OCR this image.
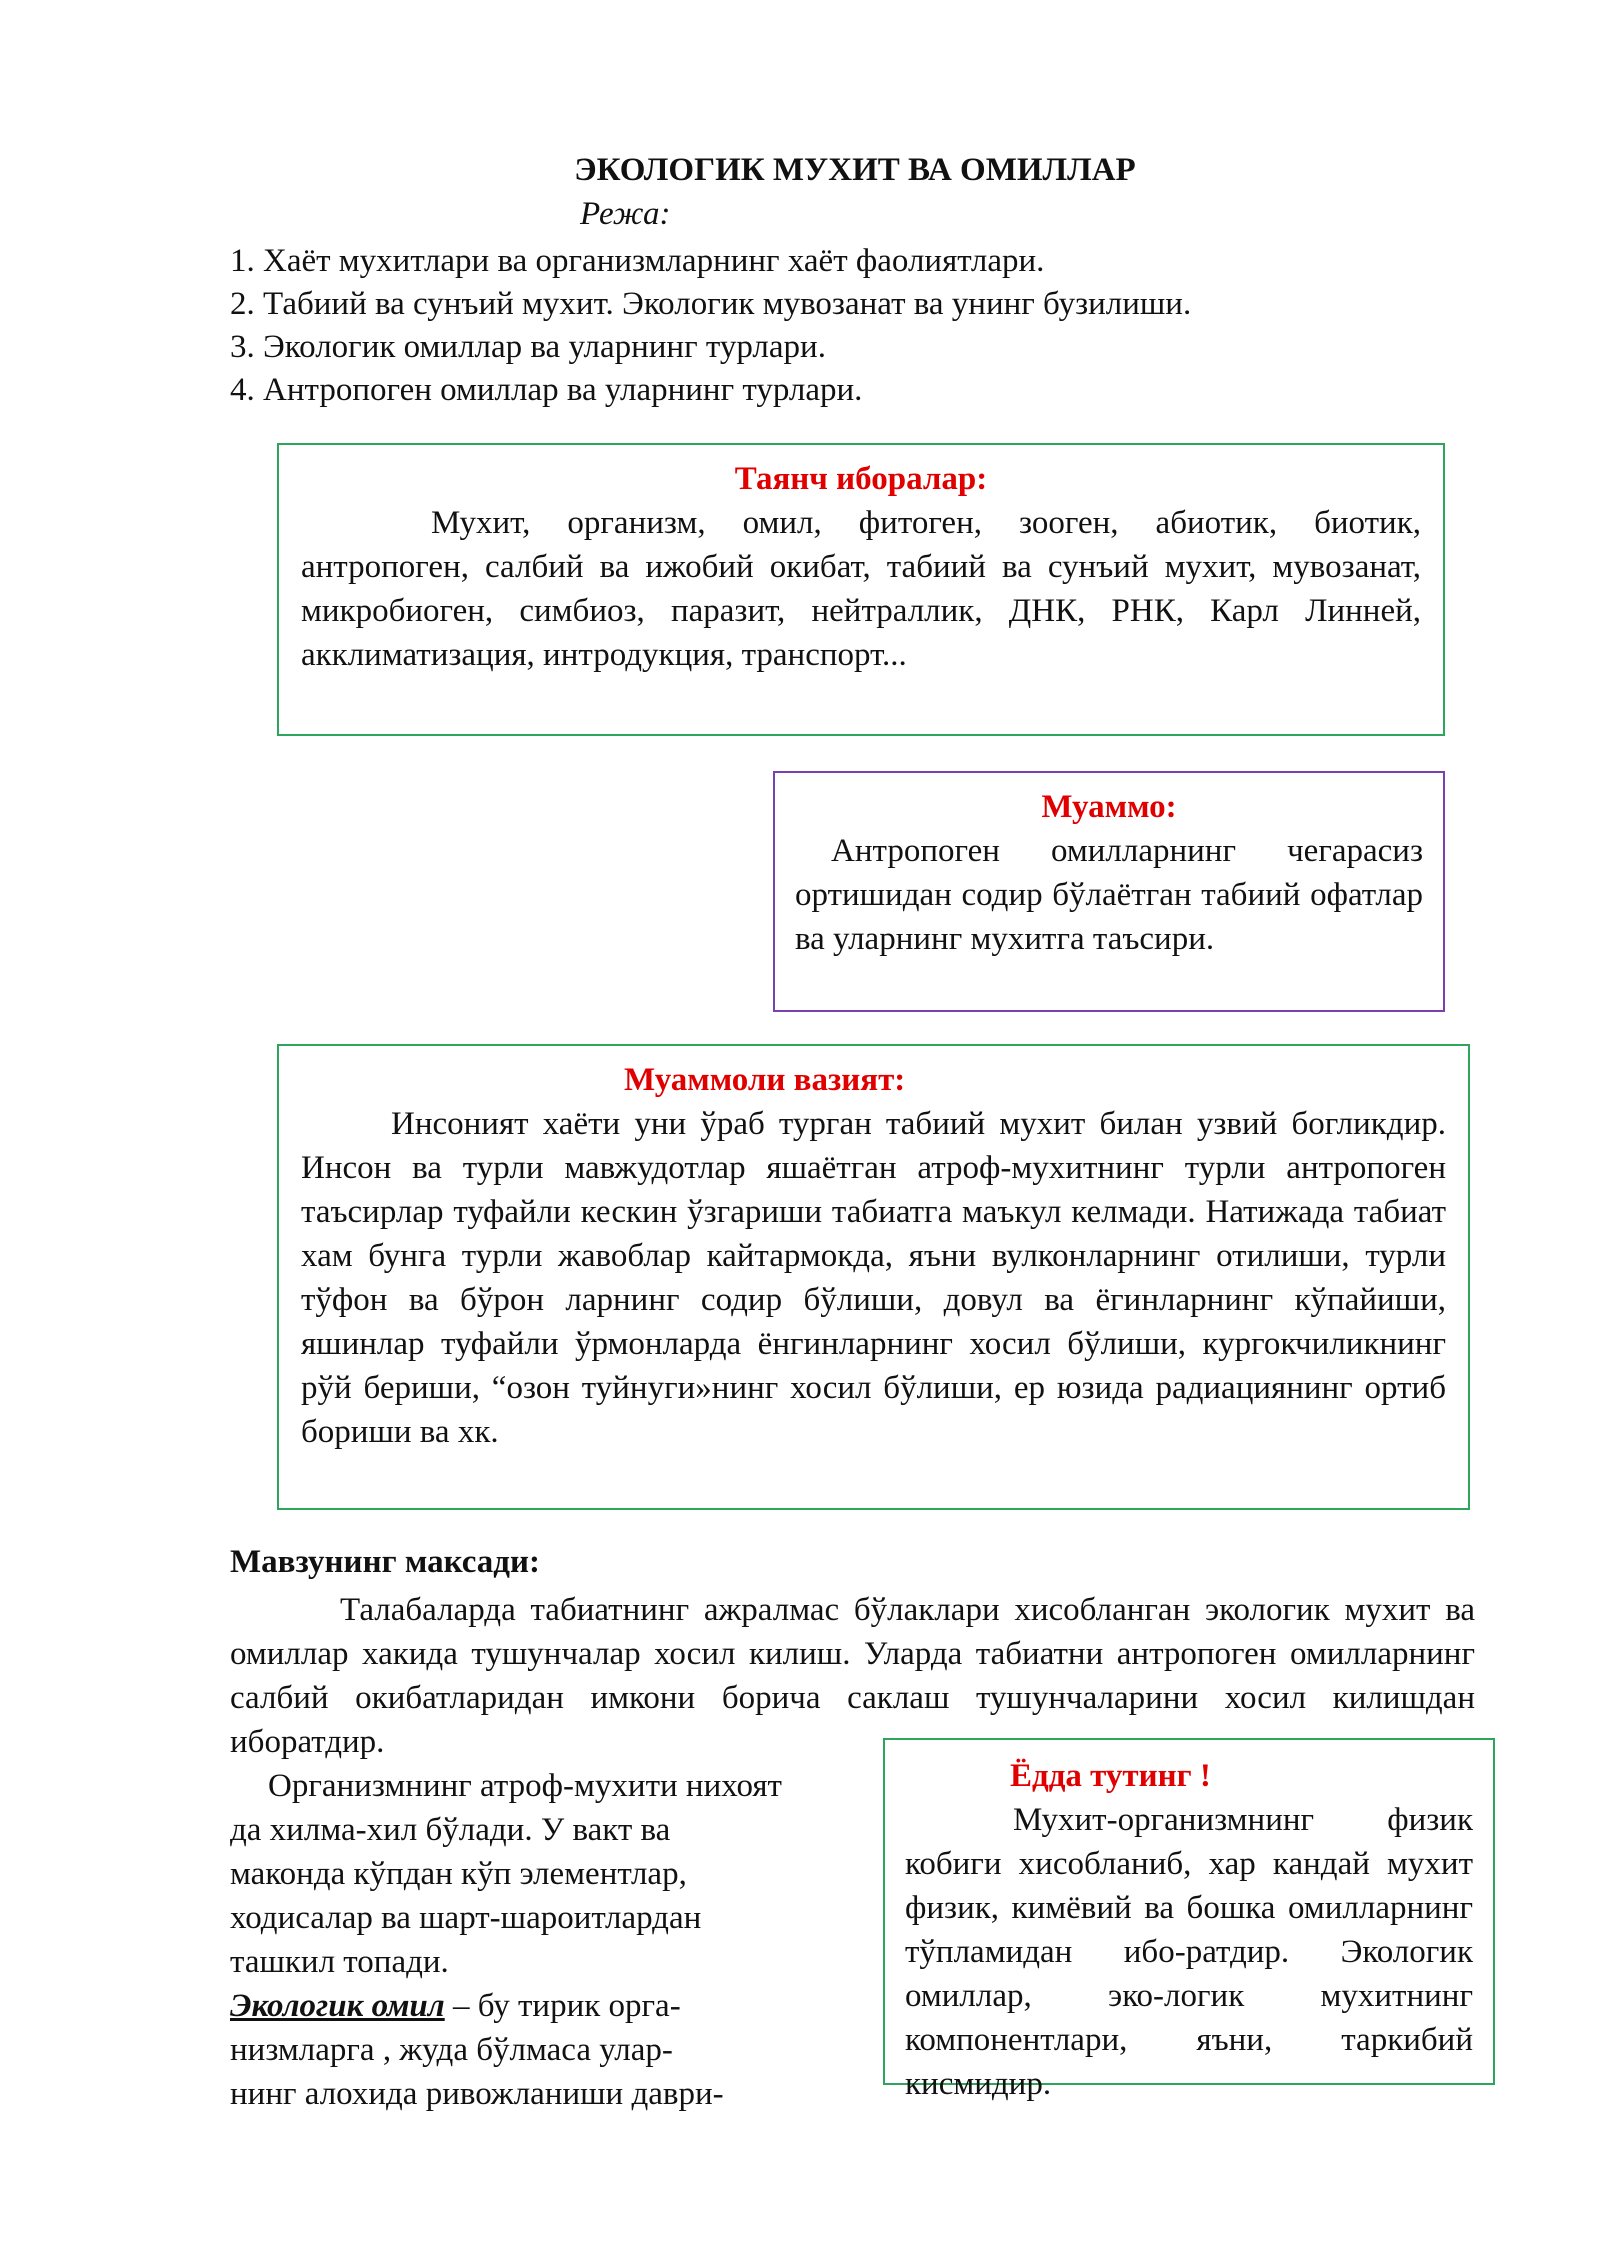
ЭКОЛОГИК МУХИТ ВА ОМИЛЛАР
Режа:
1. Хаёт мухитлари ва организмларнинг хаёт фаолиятлари.
2. Табиий ва сунъий мухит. Экологик мувозанат ва унинг бузилиши.
3. Экологик омиллар ва уларнинг турлари.
4. Антропоген омиллар ва уларнинг турлари.
Таянч иборалар:
Мухит, организм, омил, фитоген, зооген, абиотик, биотик, антропоген, салбий ва ижобий окибат, табиий ва сунъий мухит, мувозанат, микробиоген, симбиоз, паразит, нейтраллик, ДНК, РНК, Карл Линней, акклиматизация, интродукция, транспорт...
Муаммо:
Антропоген омилларнинг чегарасиз ортишидан содир бўлаётган табиий офатлар ва уларнинг мухитга таъсири.
Муаммоли вазият:
Инсоният хаёти уни ўраб турган табиий мухит билан узвий богликдир. Инсон ва турли мавжудотлар яшаётган атроф-мухитнинг турли антропоген таъсирлар туфайли кескин ўзгариши табиатга маъкул келмади. Натижада табиат хам бунга турли жавоблар кайтармокда, яъни вулконларнинг отилиши, турли тўфон ва бўрон ларнинг содир бўлиши, довул ва ёгинларнинг кўпайиши, яшинлар туфайли ўрмонларда ёнгинларнинг хосил бўлиши, кургокчиликнинг рўй бериши, “озон туйнуги»нинг хосил бўлиши, ер юзида радиациянинг ортиб бориши ва хк.
Мавзунинг максади:
Талабаларда табиатнинг ажралмас бўлаклари хисобланган экологик мухит ва омиллар хакида тушунчалар хосил килиш. Уларда табиатни антропоген омилларнинг салбий окибатларидан имкони борича саклаш тушунчаларини хосил килишдан иборатдир.

Организмнинг атроф-мухити нихоят

да хилма-хил бўлади. У вакт ва

маконда кўпдан кўп элементлар,

ходисалар ва шарт-шароитлардан

ташкил топади.

Экологик омил – бу тирик орга-

низмларга , жуда бўлмаса улар-

нинг алохида ривожланиши даври-

Ёдда тутинг !
Мухит-организмнинг физик кобиги хисобланиб, хар кандай мухит физик, кимёвий ва бошка омилларнинг тўпламидан ибо-ратдир. Экологик омиллар, эко-логик мухитнинг компонентлари, яъни, таркибий кисмидир.
